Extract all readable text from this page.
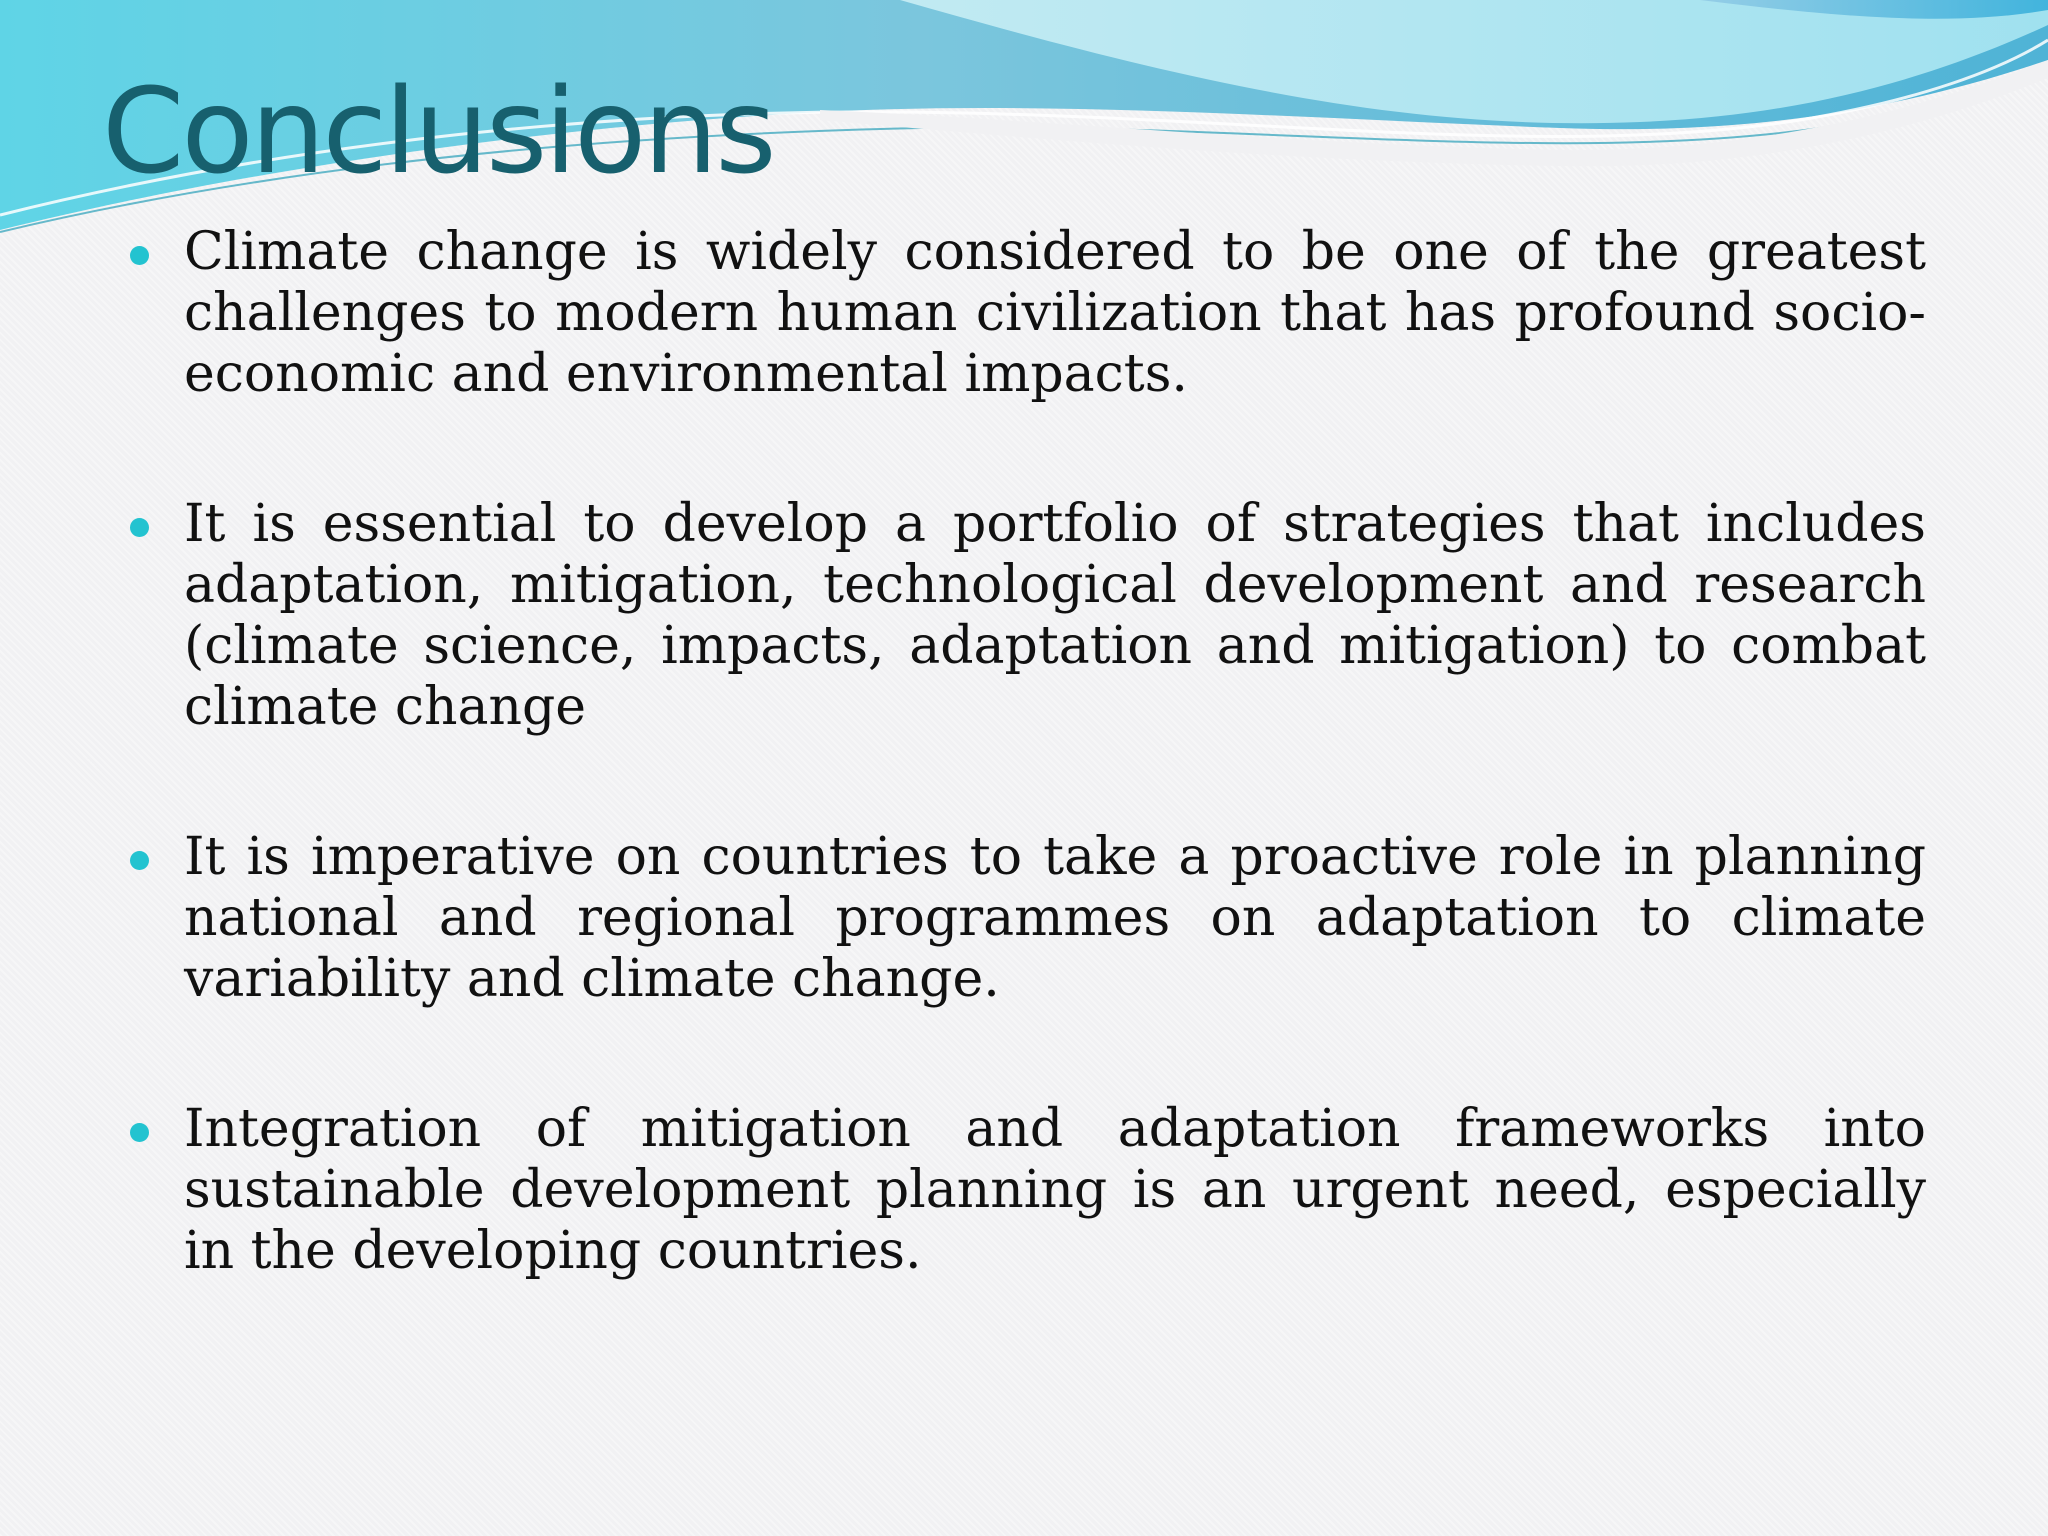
Conclusions
Climate change is widely considered to be one of the greatest challenges to modern human civilization that has profound socio-economic and environmental impacts.
It is essential to develop a portfolio of strategies that includes adaptation, mitigation, technological development and research (climate science, impacts, adaptation and mitigation) to combat climate change
It is imperative on countries to take a proactive role in planning national and regional programmes on adaptation to climate variability and climate change.
Integration of mitigation and adaptation frameworks into sustainable development planning is an urgent need, especially in the developing countries.
